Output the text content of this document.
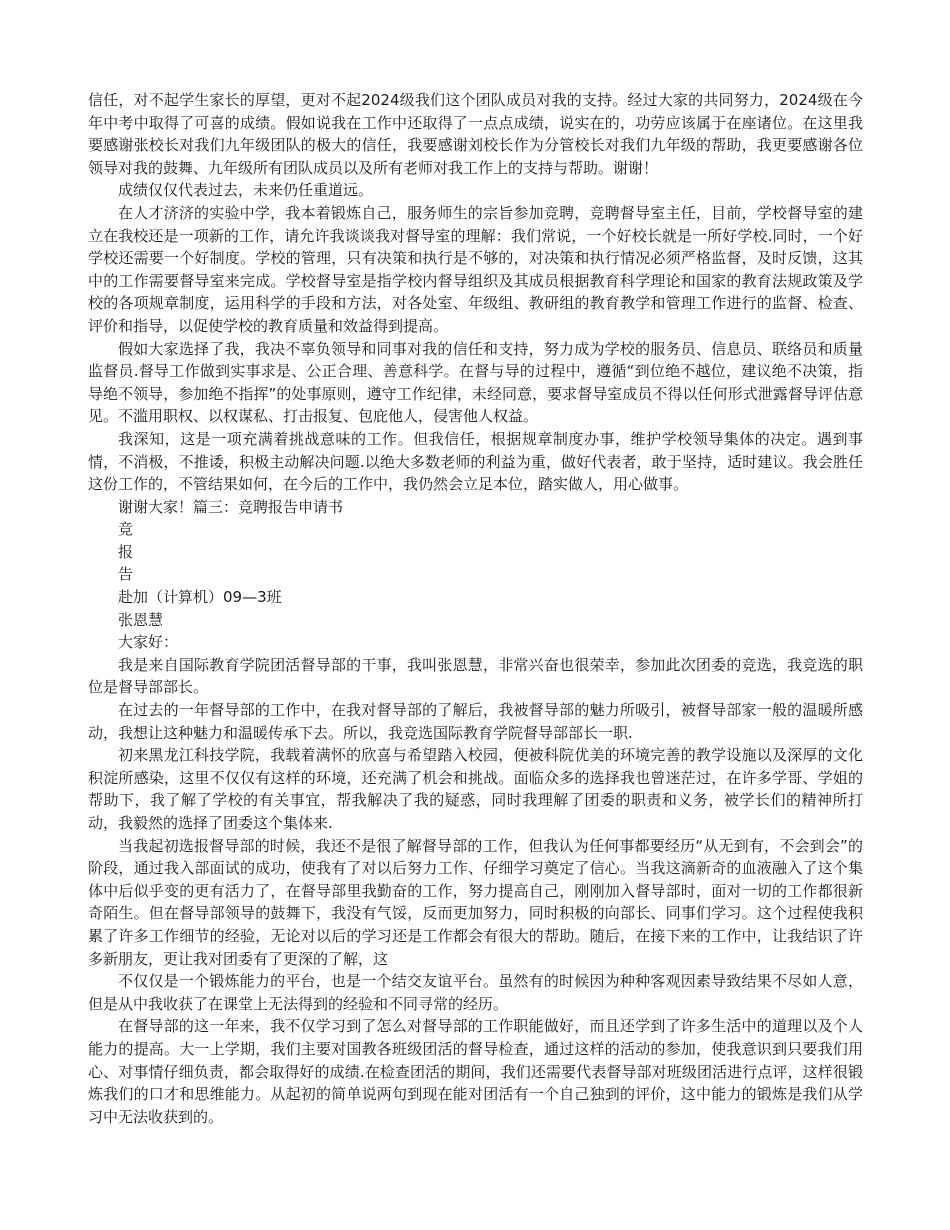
信任，对不起学生家长的厚望，更对不起2024级我们这个团队成员对我的支持。经过大家的共同努力，2024级在今年中考中取得了可喜的成绩。假如说我在工作中还取得了一点点成绩，说实在的，功劳应该属于在座诸位。在这里我要感谢张校长对我们九年级团队的极大的信任，我要感谢刘校长作为分管校长对我们九年级的帮助，我更要感谢各位领导对我的鼓舞、九年级所有团队成员以及所有老师对我工作上的支持与帮助。谢谢！

成绩仅仅代表过去，未来仍任重道远。

在人才济济的实验中学，我本着锻炼自己，服务师生的宗旨参加竞聘，竞聘督导室主任，目前，学校督导室的建立在我校还是一项新的工作，请允许我谈谈我对督导室的理解：我们常说，一个好校长就是一所好学校.同时，一个好学校还需要一个好制度。学校的管理，只有决策和执行是不够的，对决策和执行情况必须严格监督，及时反馈，这其中的工作需要督导室来完成。学校督导室是指学校内督导组织及其成员根据教育科学理论和国家的教育法规政策及学校的各项规章制度，运用科学的手段和方法，对各处室、年级组、教研组的教育教学和管理工作进行的监督、检查、评价和指导，以促使学校的教育质量和效益得到提高。

假如大家选择了我，我决不辜负领导和同事对我的信任和支持，努力成为学校的服务员、信息员、联络员和质量监督员.督导工作做到实事求是、公正合理、善意科学。在督与导的过程中，遵循“到位绝不越位，建议绝不决策，指导绝不领导，参加绝不指挥”的处事原则，遵守工作纪律，未经同意，要求督导室成员不得以任何形式泄露督导评估意见。不滥用职权、以权谋私、打击报复、包庇他人，侵害他人权益。

我深知，这是一项充满着挑战意味的工作。但我信任，根据规章制度办事，维护学校领导集体的决定。遇到事情，不消极，不推诿，积极主动解决问题.以绝大多数老师的利益为重，做好代表者，敢于坚持，适时建议。我会胜任这份工作的，不管结果如何，在今后的工作中，我仍然会立足本位，踏实做人，用心做事。

谢谢大家！篇三：竞聘报告申请书

竞

报

告

赴加（计算机）09—3班

张恩慧

大家好：

我是来自国际教育学院团活督导部的干事，我叫张恩慧，非常兴奋也很荣幸，参加此次团委的竞选，我竞选的职位是督导部部长。

在过去的一年督导部的工作中，在我对督导部的了解后，我被督导部的魅力所吸引，被督导部家一般的温暖所感动，我想让这种魅力和温暖传承下去。所以，我竞选国际教育学院督导部部长一职.

初来黑龙江科技学院，我载着满怀的欣喜与希望踏入校园，便被科院优美的环境完善的教学设施以及深厚的文化积淀所感染，这里不仅仅有这样的环境，还充满了机会和挑战。面临众多的选择我也曾迷茫过，在许多学哥、学姐的帮助下，我了解了学校的有关事宜，帮我解决了我的疑惑，同时我理解了团委的职责和义务，被学长们的精神所打动，我毅然的选择了团委这个集体来.

当我起初选报督导部的时候，我还不是很了解督导部的工作，但我认为任何事都要经历“从无到有，不会到会”的阶段，通过我入部面试的成功，使我有了对以后努力工作、仔细学习奠定了信心。当我这滴新奇的血液融入了这个集体中后似乎变的更有活力了，在督导部里我勤奋的工作，努力提高自己，刚刚加入督导部时，面对一切的工作都很新奇陌生。但在督导部领导的鼓舞下，我没有气馁，反而更加努力，同时积极的向部长、同事们学习。这个过程使我积累了许多工作细节的经验，无论对以后的学习还是工作都会有很大的帮助。随后，在接下来的工作中，让我结识了许多新朋友，更让我对团委有了更深的了解，这

不仅仅是一个锻炼能力的平台，也是一个结交友谊平台。虽然有的时候因为种种客观因素导致结果不尽如人意，但是从中我收获了在课堂上无法得到的经验和不同寻常的经历。

在督导部的这一年来，我不仅学习到了怎么对督导部的工作职能做好，而且还学到了许多生活中的道理以及个人能力的提高。大一上学期，我们主要对国教各班级团活的督导检查，通过这样的活动的参加，使我意识到只要我们用心、对事情仔细负责，都会取得好的成绩.在检查团活的期间，我们还需要代表督导部对班级团活进行点评，这样很锻炼我们的口才和思维能力。从起初的简单说两句到现在能对团活有一个自己独到的评价，这中能力的锻炼是我们从学习中无法收获到的。
